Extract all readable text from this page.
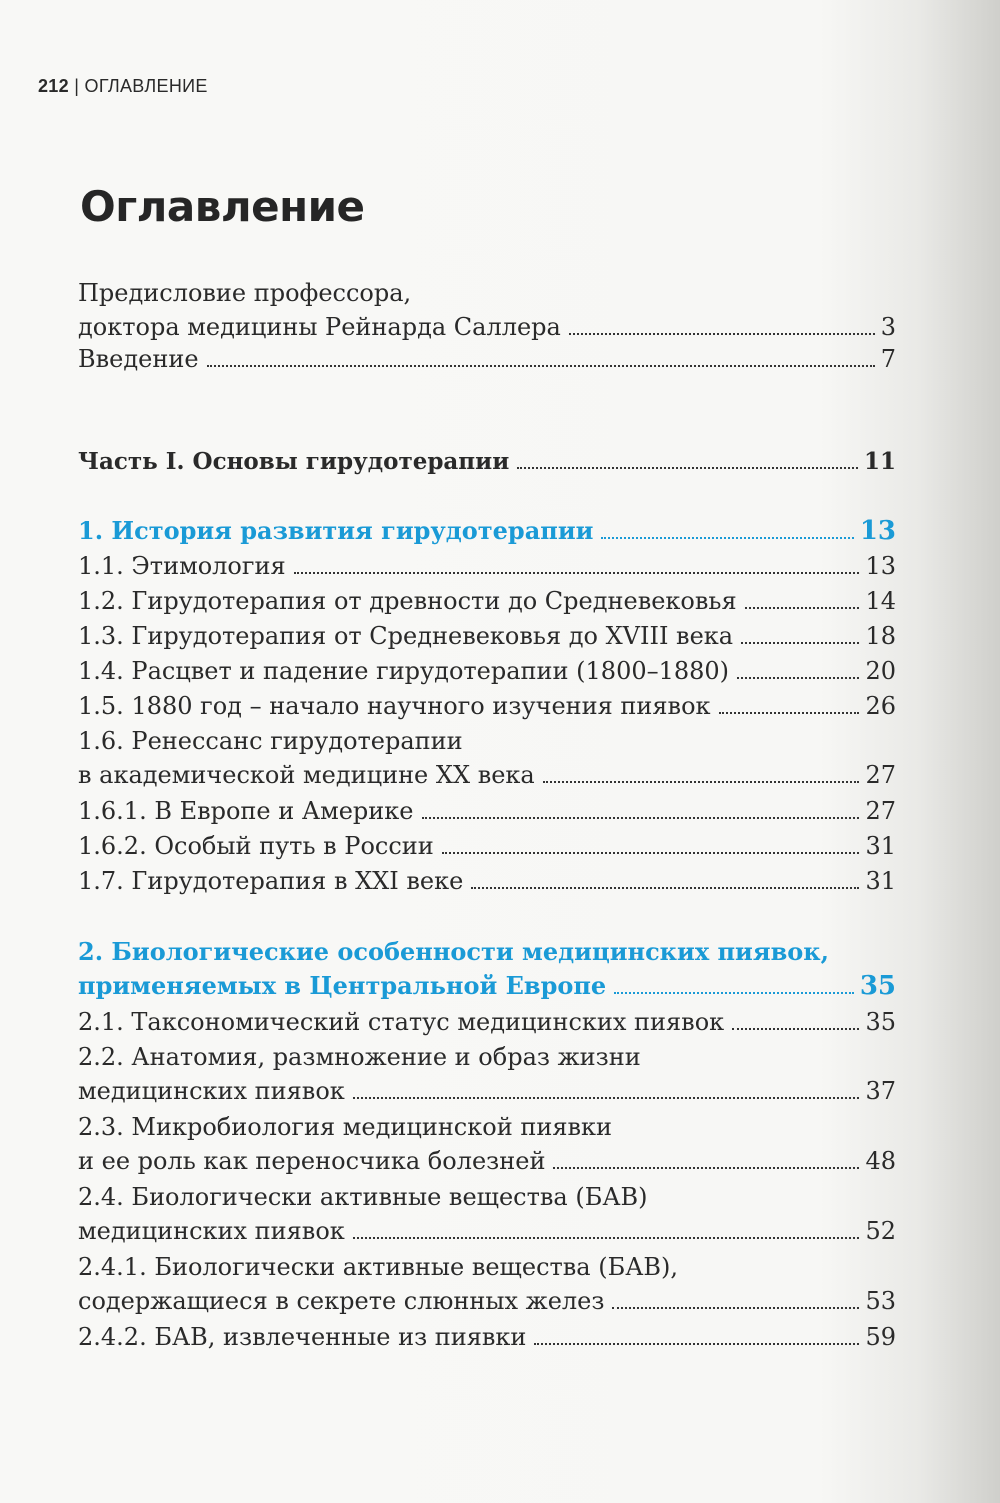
212 | ОГЛАВЛЕНИЕ
Оглавление
Предисловие профессора,
доктора медицины Рейнарда Саллера	3
Введение	7
Часть I. Основы гирудотерапии	11
1. История развития гирудотерапии	13
1.1. Этимология	13
1.2. Гирудотерапия от древности до Средневековья	14
1.3. Гирудотерапия от Средневековья до XVIII века	18
1.4. Расцвет и падение гирудотерапии (1800–1880)	20
1.5. 1880 год – начало научного изучения пиявок	26
1.6. Ренессанс гирудотерапии
в академической медицине XX века	27
1.6.1. В Европе и Америке	27
1.6.2. Особый путь в России	31
1.7. Гирудотерапия в XXI веке	31
2. Биологические особенности медицинских пиявок,
применяемых в Центральной Европе	35
2.1. Таксономический статус медицинских пиявок	35
2.2. Анатомия, размножение и образ жизни
медицинских пиявок	37
2.3. Микробиология медицинской пиявки
и ее роль как переносчика болезней	48
2.4. Биологически активные вещества (БАВ)
медицинских пиявок	52
2.4.1. Биологически активные вещества (БАВ),
содержащиеся в секрете слюнных желез	53
2.4.2. БАВ, извлеченные из пиявки	59
